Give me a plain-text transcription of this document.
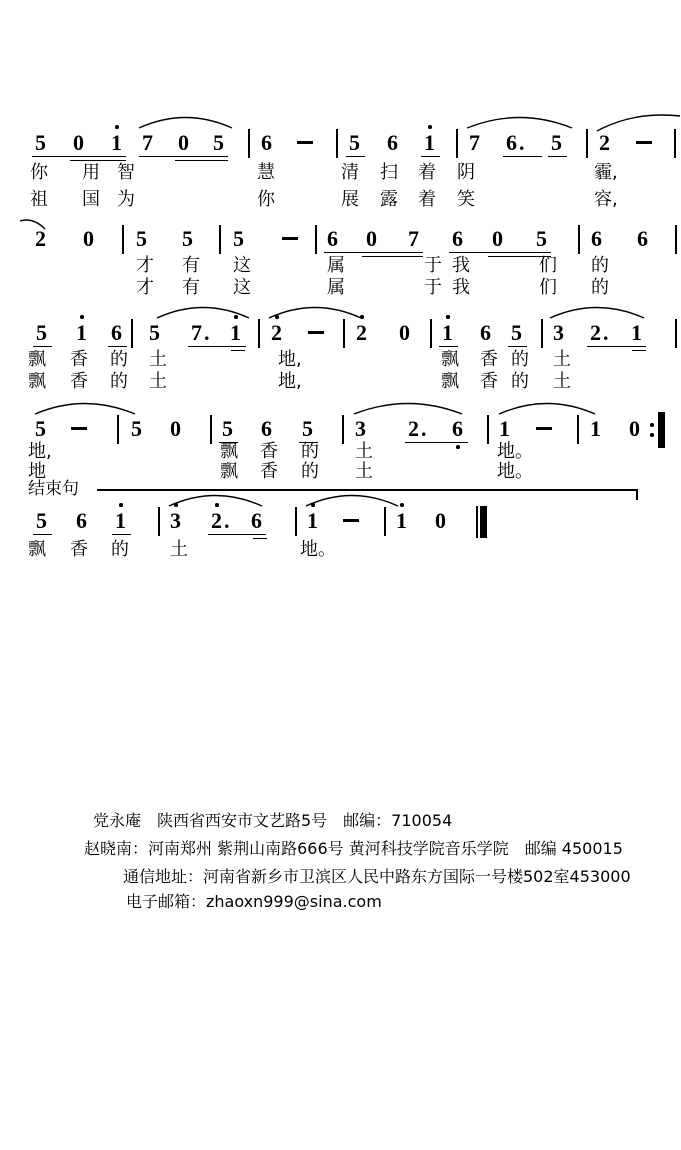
5 0 1 7 0 5 6	5 6 1 7 6. 5 2
你 用 智	慧	清 扫 着 阴	霾,
祖 国 为	你	展 露 着 笑	容,
2 0 5 5 5	6 0 7 6 0 5 6 6
才 有 这	属	于 我	们 的
才 有 这	属	于 我	们 的
5 1 6 5 7. 1 2	2 0 1 6 5 3 2. 1
飘 香 的 土	地,	飘 香 的 土
飘 香 的 土	地,	飘 香 的 土
5	5 0 5 6 5 3 2. 6 1	1 0
地,	飘 香 的 土	地。
地	飘 香 的 土	地。
5 6 1 3 2. 6 1	1 0
飘 香 的 土	地。
结束句
党永庵　陕西省西安市文艺路5号　邮编：710054
赵晓南：河南郑州 紫荆山南路666号 黄河科技学院音乐学院　邮编 450015
通信地址：河南省新乡市卫滨区人民中路东方国际一号楼502室453000
电子邮箱：zhaoxn999@sina.com
